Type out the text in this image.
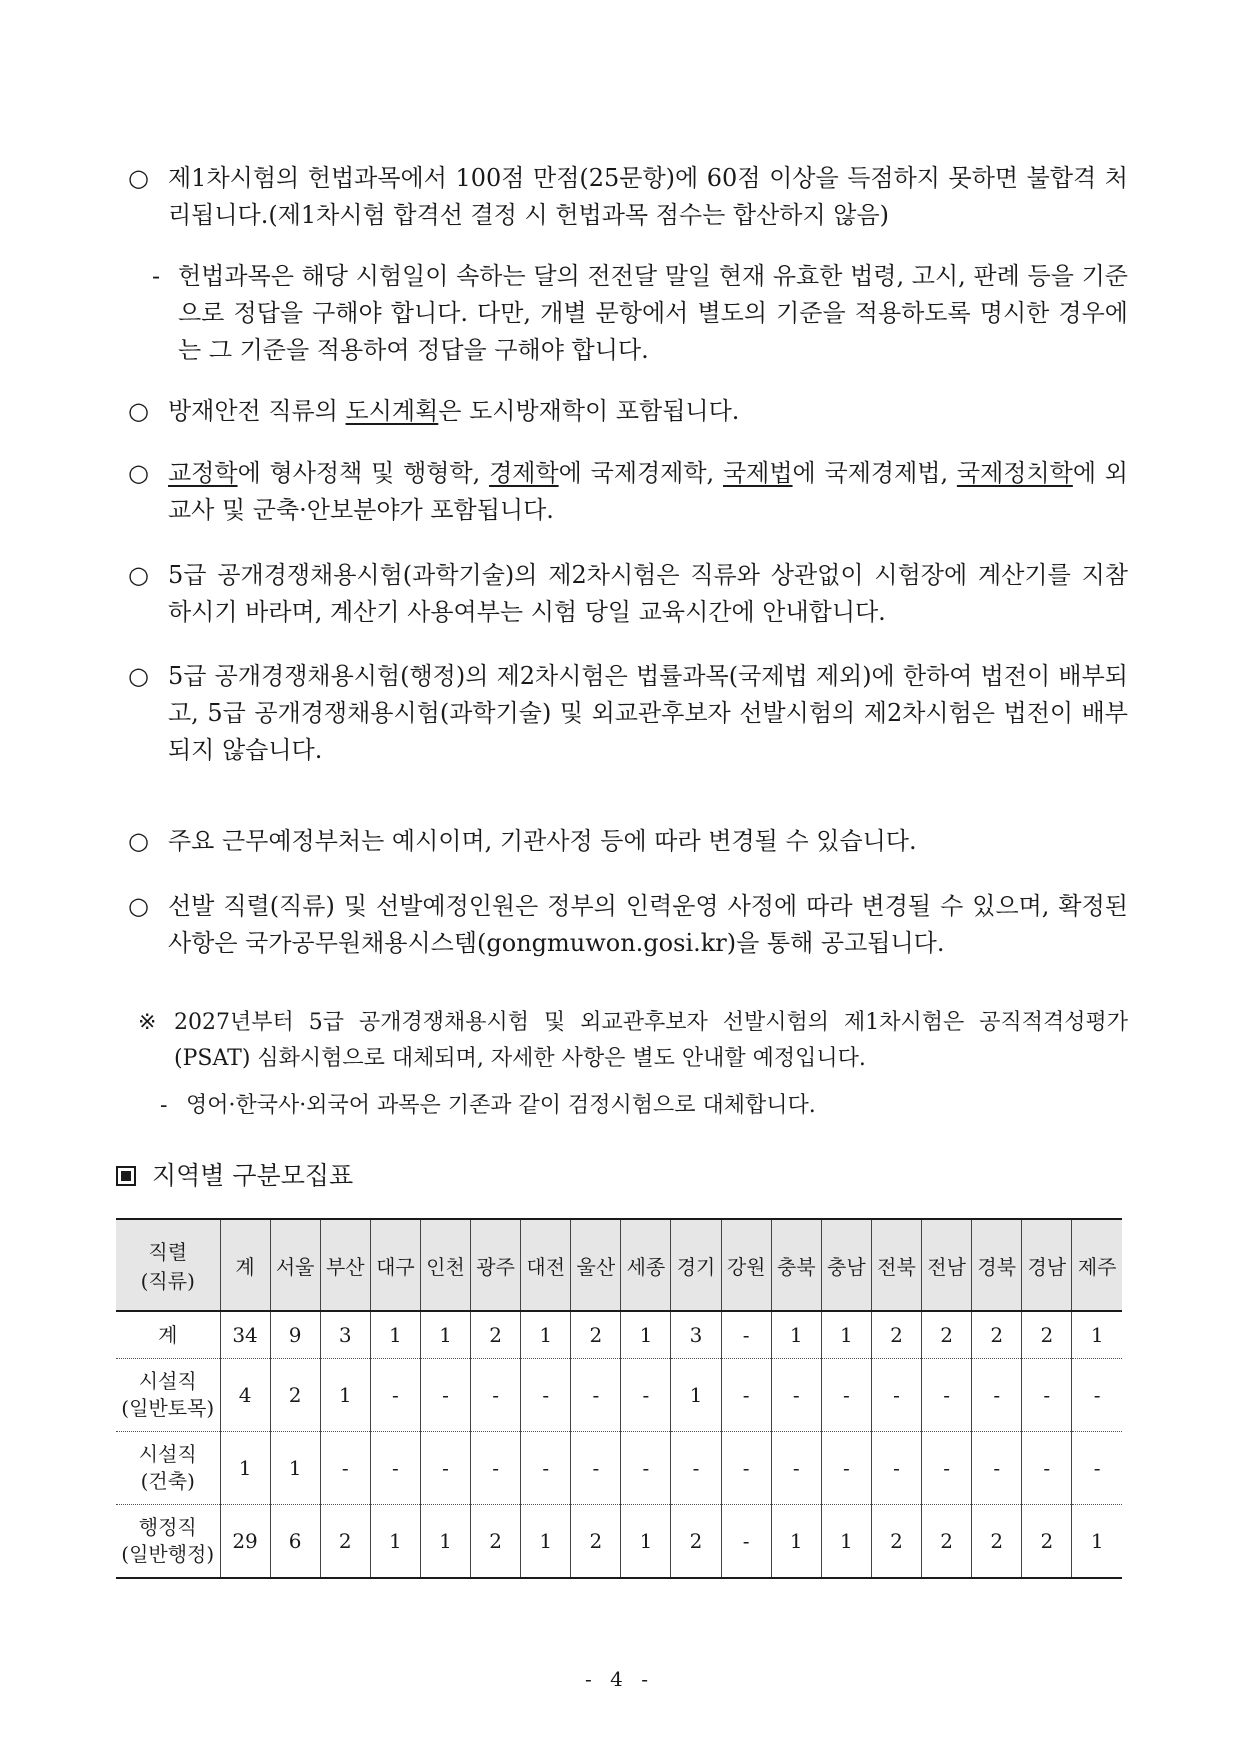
○ 제1차시험의 헌법과목에서 100점 만점(25문항)에 60점 이상을 득점하지 못하면 불합격 처리됩니다.(제1차시험 합격선 결정 시 헌법과목 점수는 합산하지 않음)
- 헌법과목은 해당 시험일이 속하는 달의 전전달 말일 현재 유효한 법령, 고시, 판례 등을 기준으로 정답을 구해야 합니다. 다만, 개별 문항에서 별도의 기준을 적용하도록 명시한 경우에는 그 기준을 적용하여 정답을 구해야 합니다.
○ 방재안전 직류의 도시계획은 도시방재학이 포함됩니다.
○ 교정학에 형사정책 및 행형학, 경제학에 국제경제학, 국제법에 국제경제법, 국제정치학에 외교사 및 군축·안보분야가 포함됩니다.
○ 5급 공개경쟁채용시험(과학기술)의 제2차시험은 직류와 상관없이 시험장에 계산기를 지참하시기 바라며, 계산기 사용여부는 시험 당일 교육시간에 안내합니다.
○ 5급 공개경쟁채용시험(행정)의 제2차시험은 법률과목(국제법 제외)에 한하여 법전이 배부되고, 5급 공개경쟁채용시험(과학기술) 및 외교관후보자 선발시험의 제2차시험은 법전이 배부되지 않습니다.
○ 주요 근무예정부처는 예시이며, 기관사정 등에 따라 변경될 수 있습니다.
○ 선발 직렬(직류) 및 선발예정인원은 정부의 인력운영 사정에 따라 변경될 수 있으며, 확정된 사항은 국가공무원채용시스템(gongmuwon.gosi.kr)을 통해 공고됩니다.
※ 2027년부터 5급 공개경쟁채용시험 및 외교관후보자 선발시험의 제1차시험은 공직적격성평가(PSAT) 심화시험으로 대체되며, 자세한 사항은 별도 안내할 예정입니다.
- 영어·한국사·외국어 과목은 기존과 같이 검정시험으로 대체합니다.
지역별 구분모집표
직렬
(직류)	계	서울	부산	대구	인천	광주	대전	울산	세종	경기	강원	충북	충남	전북	전남	경북	경남	제주

계	34	9	3	1	1	2	1	2	1	3	-	1	1	2	2	2	2	1

시설직
(일반토목)	4	2	1	-	-	-	-	-	-	1	-	-	-	-	-	-	-	-

시설직
(건축)	1	1	-	-	-	-	-	-	-	-	-	-	-	-	-	-	-	-

행정직
(일반행정)	29	6	2	1	1	2	1	2	1	2	-	1	1	2	2	2	2	1
- 4 -
